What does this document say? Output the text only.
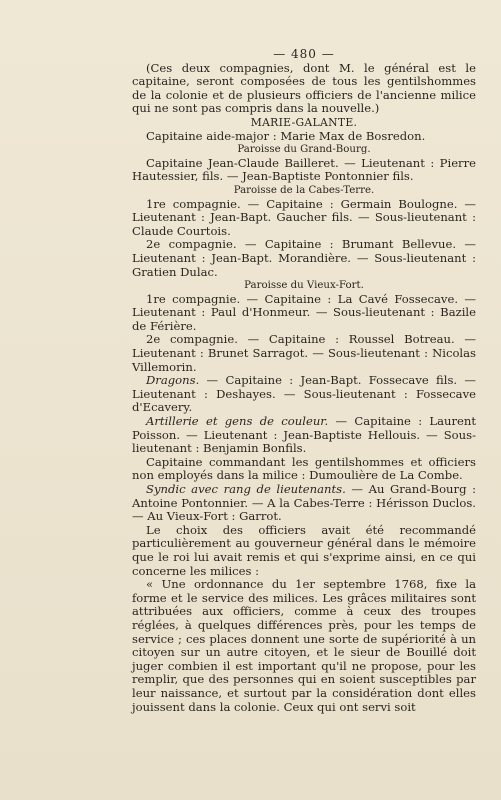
— 480 —

(Ces deux compagnies, dont M. le général est le capitaine, seront composées de tous les gentilshommes de la colonie et de plusieurs officiers de l'ancienne milice qui ne sont pas compris dans la nouvelle.)

MARIE-GALANTE.

Capitaine aide-major : Marie Max de Bosredon.

Paroisse du Grand-Bourg.

Capitaine Jean-Claude Bailleret. — Lieutenant : Pierre Hautessier, fils. — Jean-Baptiste Pontonnier fils.

Paroisse de la Cabes-Terre.

1re compagnie. — Capitaine : Germain Boulogne. — Lieutenant : Jean-Bapt. Gaucher fils. — Sous-lieutenant : Claude Courtois.

2e compagnie. — Capitaine : Brumant Bellevue. — Lieutenant : Jean-Bapt. Morandière. — Sous-lieutenant : Gratien Dulac.

Paroisse du Vieux-Fort.

1re compagnie. — Capitaine : La Cavé Fossecave. — Lieutenant : Paul d'Honmeur. — Sous-lieutenant : Bazile de Férière.

2e compagnie. — Capitaine : Roussel Botreau. — Lieutenant : Brunet Sarragot. — Sous-lieutenant : Nicolas Villemorin.

Dragons. — Capitaine : Jean-Bapt. Fossecave fils. — Lieutenant : Deshayes. — Sous-lieutenant : Fossecave d'Ecavery.

Artillerie et gens de couleur. — Capitaine : Laurent Poisson. — Lieutenant : Jean-Baptiste Hellouis. — Sous-lieutenant : Benjamin Bonfils.

Capitaine commandant les gentilshommes et officiers non employés dans la milice : Dumoulière de La Combe.

Syndic avec rang de lieutenants. — Au Grand-Bourg : Antoine Pontonnier. — A la Cabes-Terre : Hérisson Duclos. — Au Vieux-Fort : Garrot.

Le choix des officiers avait été recommandé particulièrement au gouverneur général dans le mémoire que le roi lui avait remis et qui s'exprime ainsi, en ce qui concerne les milices :

« Une ordonnance du 1er septembre 1768, fixe la forme et le service des milices. Les grâces militaires sont attribuées aux officiers, comme à ceux des troupes réglées, à quelques différences près, pour les temps de service ; ces places donnent une sorte de supériorité à un citoyen sur un autre citoyen, et le sieur de Bouillé doit juger combien il est important qu'il ne propose, pour les remplir, que des personnes qui en soient susceptibles par leur naissance, et surtout par la considération dont elles jouissent dans la colonie. Ceux qui ont servi soit
